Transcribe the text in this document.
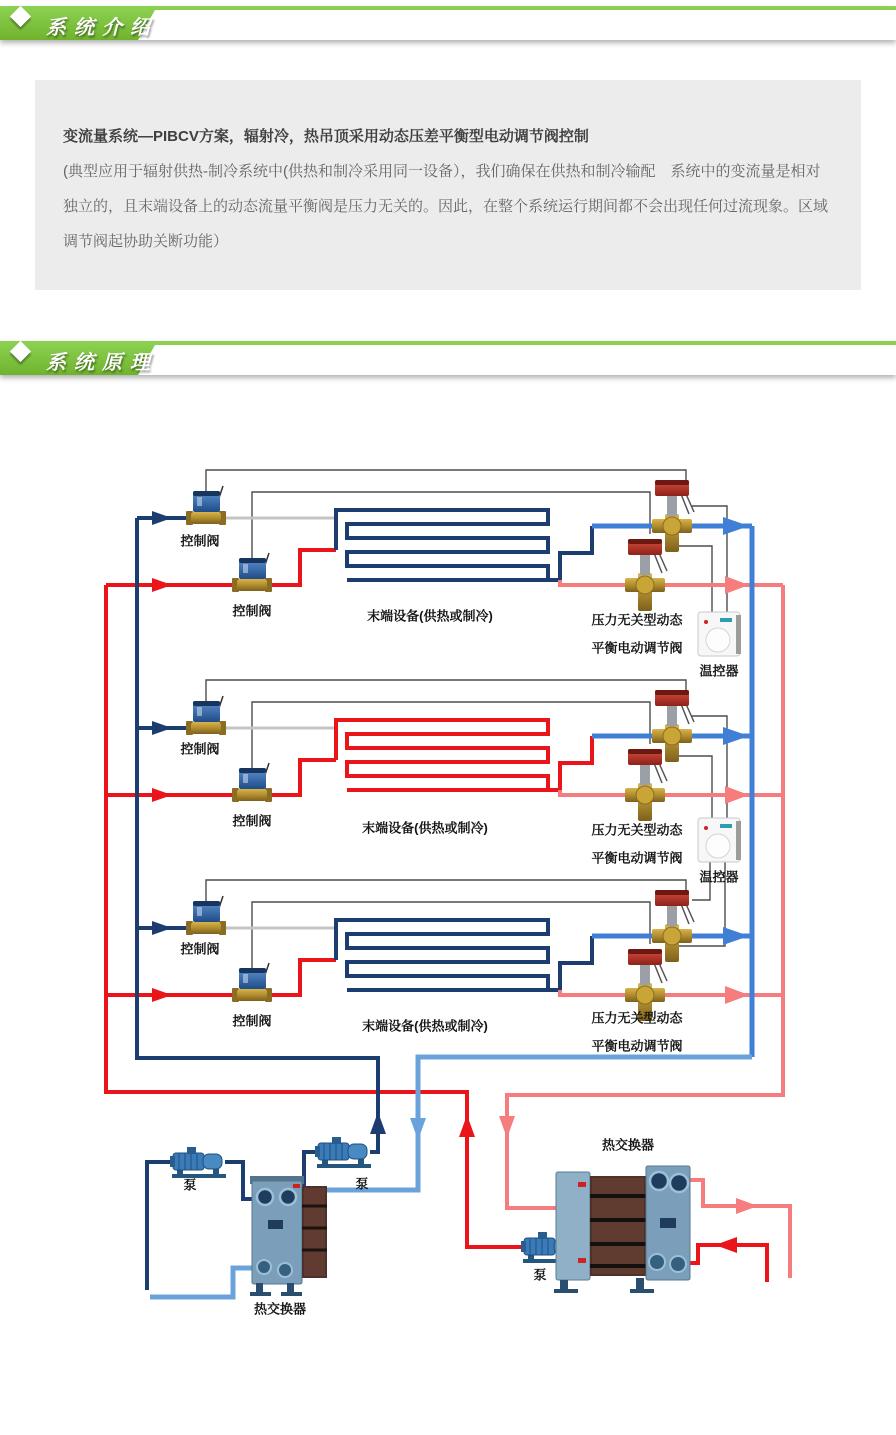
系统介绍
变流量系统—PIBCV方案，辐射冷，热吊顶采用动态压差平衡型电动调节阀控制
(典型应用于辐射供热-制冷系统中(供热和制冷采用同一设备），我们确保在供热和制冷输配　系统中的变流量是相对
独立的，且末端设备上的动态流量平衡阀是压力无关的。因此，在整个系统运行期间都不会出现任何过流现象。区域
调节阀起协助关断功能）
系统原理
控制阀
控制阀
控制阀
控制阀
控制阀
控制阀
末端设备(供热或制冷)
末端设备(供热或制冷)
末端设备(供热或制冷)
压力无关型动态
平衡电动调节阀
压力无关型动态
平衡电动调节阀
压力无关型动态
平衡电动调节阀
温控器
温控器
泵	泵
泵
热交换器
热交换器
